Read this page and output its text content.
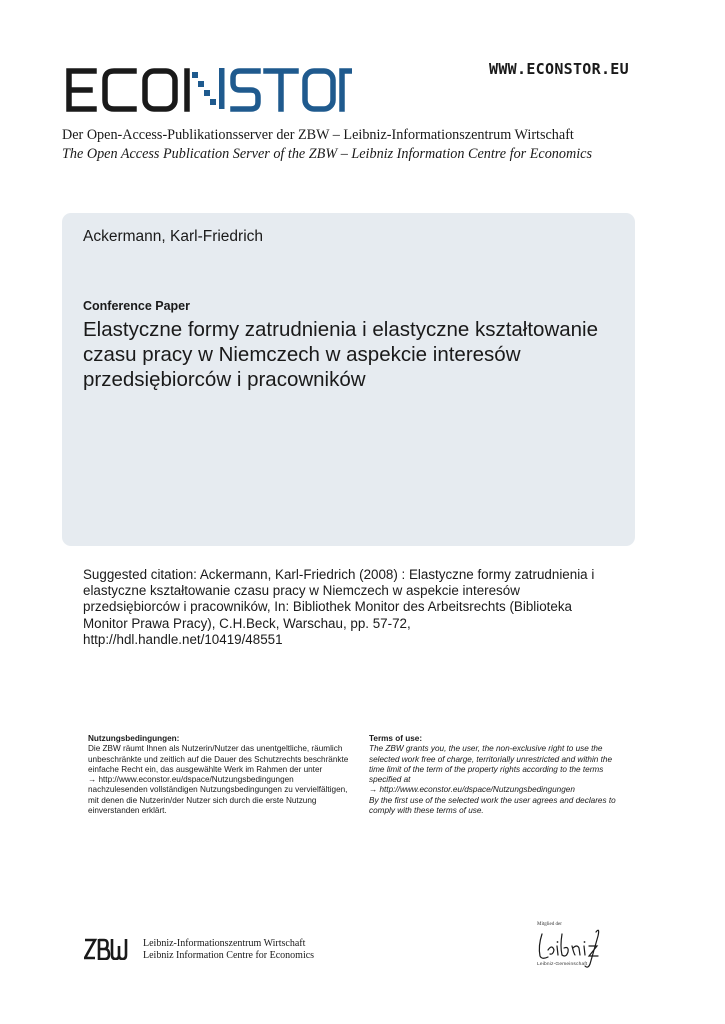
WWW.ECONSTOR.EU
Der Open-Access-Publikationsserver der ZBW – Leibniz-Informationszentrum Wirtschaft
The Open Access Publication Server of the ZBW – Leibniz Information Centre for Economics
Ackermann, Karl-Friedrich
Conference Paper
Elastyczne formy zatrudnienia i elastyczne kształtowanie czasu pracy w Niemczech w aspekcie interesów przedsiębiorców i pracowników
Suggested citation: Ackermann, Karl-Friedrich (2008) : Elastyczne formy zatrudnienia i elastyczne kształtowanie czasu pracy w Niemczech w aspekcie interesów przedsiębiorców i pracowników, In: Bibliothek Monitor des Arbeitsrechts (Biblioteka Monitor Prawa Pracy), C.H.Beck, Warschau, pp. 57-72, http://hdl.handle.net/10419/48551
Nutzungsbedingungen:
Die ZBW räumt Ihnen als Nutzerin/Nutzer das unentgeltliche, räumlich unbeschränkte und zeitlich auf die Dauer des Schutzrechts beschränkte einfache Recht ein, das ausgewählte Werk im Rahmen der unter
→ http://www.econstor.eu/dspace/Nutzungsbedingungen
nachzulesenden vollständigen Nutzungsbedingungen zu vervielfältigen, mit denen die Nutzerin/der Nutzer sich durch die erste Nutzung einverstanden erklärt.
Terms of use:
The ZBW grants you, the user, the non-exclusive right to use the selected work free of charge, territorially unrestricted and within the time limit of the term of the property rights according to the terms specified at
→ http://www.econstor.eu/dspace/Nutzungsbedingungen
By the first use of the selected work the user agrees and declares to comply with these terms of use.
Leibniz-Informationszentrum Wirtschaft
Leibniz Information Centre for Economics
Mitglied der
Leibniz-Gemeinschaft
